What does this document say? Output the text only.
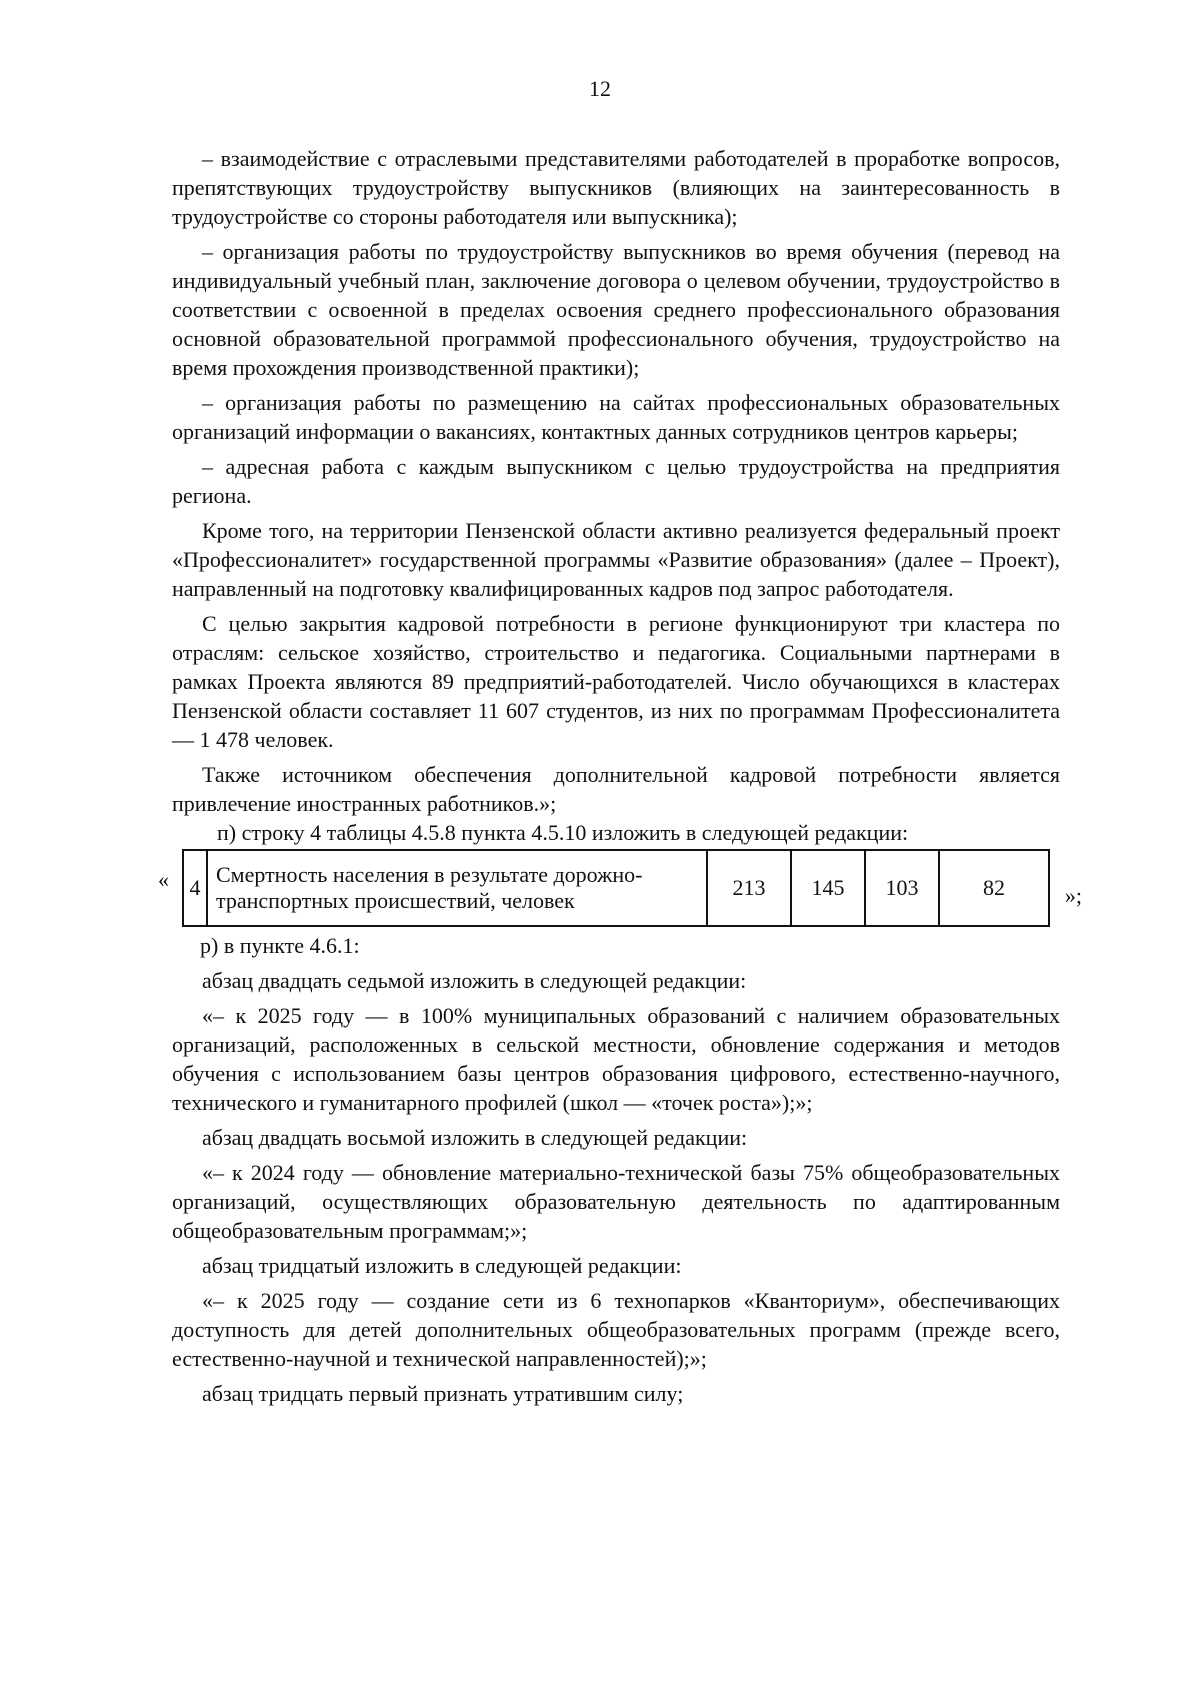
12

– взаимодействие с отраслевыми представителями работодателей в проработке вопросов, препятствующих трудоустройству выпускников (влияющих на заинтересованность в трудоустройстве со стороны работодателя или выпускника);

– организация работы по трудоустройству выпускников во время обучения (перевод на индивидуальный учебный план, заключение договора о целевом обучении, трудоустройство в соответствии с освоенной в пределах освоения среднего профессионального образования основной образовательной программой профессионального обучения, трудоустройство на время прохождения производственной практики);

– организация работы по размещению на сайтах профессиональных образовательных организаций информации о вакансиях, контактных данных сотрудников центров карьеры;

– адресная работа с каждым выпускником с целью трудоустройства на предприятия региона.

Кроме того, на территории Пензенской области активно реализуется федеральный проект «Профессионалитет» государственной программы «Развитие образования» (далее – Проект), направленный на подготовку квалифицированных кадров под запрос работодателя.

С целью закрытия кадровой потребности в регионе функционируют три кластера по отраслям: сельское хозяйство, строительство и педагогика. Социальными партнерами в рамках Проекта являются 89 предприятий-работодателей. Число обучающихся в кластерах Пензенской области составляет 11 607 студентов, из них по программам Профессионалитета — 1 478 человек.

Также источником обеспечения дополнительной кадровой потребности является привлечение иностранных работников.»;

п) строку 4 таблицы 4.5.8 пункта 4.5.10 изложить в следующей редакции:

« 4	Смертность населения в результате дорожно-транспортных происшествий, человек	213	145	103	82	»;

р) в пункте 4.6.1:

абзац двадцать седьмой изложить в следующей редакции:

«– к 2025 году — в 100% муниципальных образований с наличием образовательных организаций, расположенных в сельской местности, обновление содержания и методов обучения с использованием базы центров образования цифрового, естественно-научного, технического и гуманитарного профилей (школ — «точек роста»);»;

абзац двадцать восьмой изложить в следующей редакции:

«– к 2024 году — обновление материально-технической базы 75% общеобразовательных организаций, осуществляющих образовательную деятельность по адаптированным общеобразовательным программам;»;

абзац тридцатый изложить в следующей редакции:

«– к 2025 году — создание сети из 6 технопарков «Кванториум», обеспечивающих доступность для детей дополнительных общеобразовательных программ (прежде всего, естественно-научной и технической направленностей);»;

абзац тридцать первый признать утратившим силу;
